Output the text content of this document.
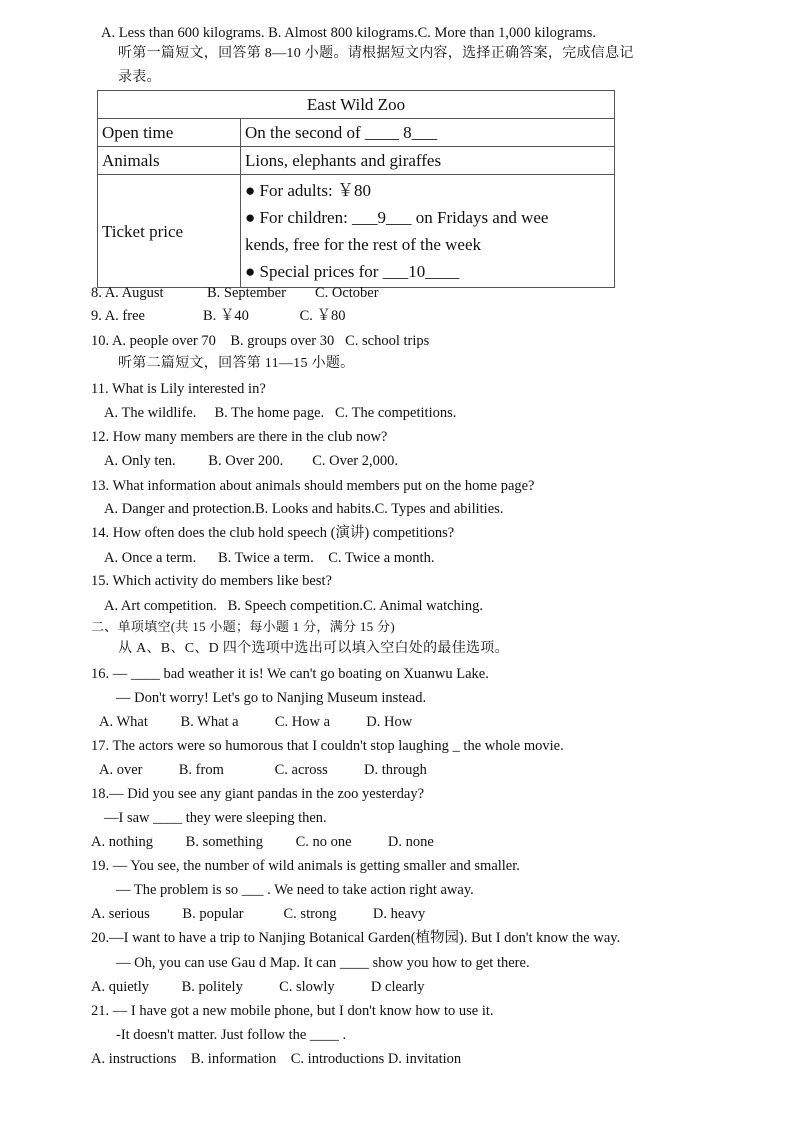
A. Less than 600 kilograms. B. Almost 800 kilograms.C. More than 1,000 kilograms.
听第一篇短文，回答第 8—10 小题。请根据短文内容，选择正确答案，完成信息记
录表。
East Wild Zoo	
Open time	On the second of ____ 8___
Animals	Lions, elephants and giraffes
Ticket price	● For adults: ￥80
● For children: ___9___ on Fridays and wee
kends, free for the rest of the week
● Special prices for ___10____
8. A. August            B. September        C. October
9. A. free                B. ￥40              C. ￥80
10. A. people over 70    B. groups over 30   C. school trips
听第二篇短文，回答第 11—15 小题。
11. What is Lily interested in?
A. The wildlife.     B. The home page.   C. The competitions.
12. How many members are there in the club now?
A. Only ten.         B. Over 200.        C. Over 2,000.
13. What information about animals should members put on the home page?
A. Danger and protection.B. Looks and habits.C. Types and abilities.
14. How often does the club hold speech (演讲) competitions?
A. Once a term.      B. Twice a term.    C. Twice a month.
15. Which activity do members like best?
A. Art competition.   B. Speech competition.C. Animal watching.
二、单项填空(共 15 小题；每小题 1 分，满分 15 分)
从 A、B、C、D 四个选项中选出可以填入空白处的最佳选项。
16. — ____ bad weather it is! We can't go boating on Xuanwu Lake.
— Don't worry! Let's go to Nanjing Museum instead.
A. What         B. What a          C. How a          D. How
17. The actors were so humorous that I couldn't stop laughing _ the whole movie.
A. over          B. from              C. across          D. through
18.— Did you see any giant pandas in the zoo yesterday?
—I saw ____ they were sleeping then.
A. nothing         B. something         C. no one          D. none
19. — You see, the number of wild animals is getting smaller and smaller.
— The problem is so ___ . We need to take action right away.
A. serious         B. popular           C. strong          D. heavy
20.—I want to have a trip to Nanjing Botanical Garden(植物园). But I don't know the way.
— Oh, you can use Gau d Map. It can ____ show you how to get there.
A. quietly         B. politely          C. slowly          D clearly
21. — I have got a new mobile phone, but I don't know how to use it.
-It doesn't matter. Just follow the ____ .
A. instructions    B. information    C. introductions D. invitation
